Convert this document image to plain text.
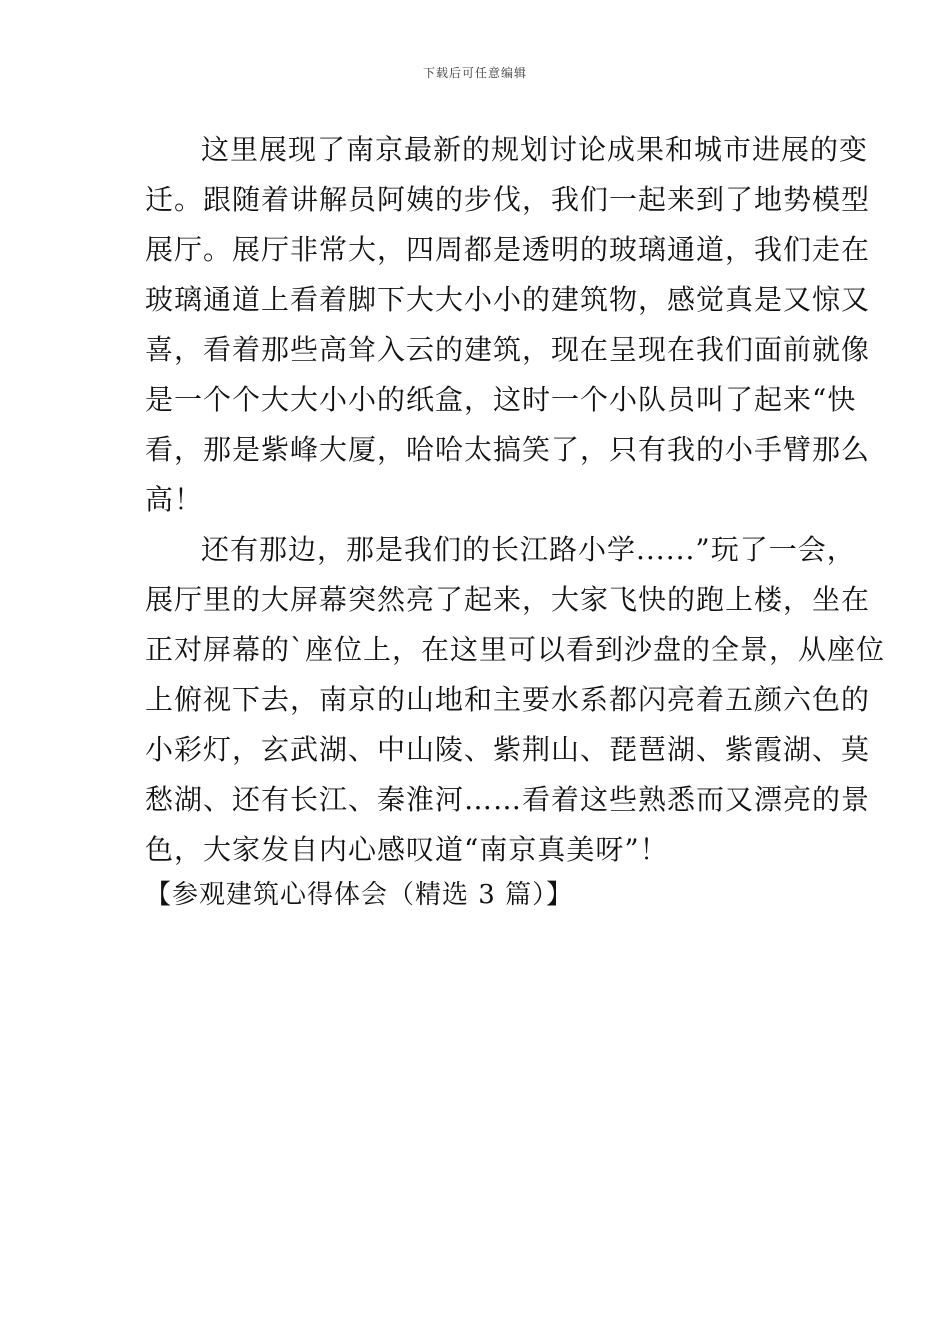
下载后可任意编辑
这里展现了南京最新的规划讨论成果和城市进展的变
迁。跟随着讲解员阿姨的步伐，我们一起来到了地势模型
展厅。展厅非常大，四周都是透明的玻璃通道，我们走在
玻璃通道上看着脚下大大小小的建筑物，感觉真是又惊又
喜，看着那些高耸入云的建筑，现在呈现在我们面前就像
是一个个大大小小的纸盒，这时一个小队员叫了起来“快
看，那是紫峰大厦，哈哈太搞笑了，只有我的小手臂那么
高！
还有那边，那是我们的长江路小学......”玩了一会，
展厅里的大屏幕突然亮了起来，大家飞快的跑上楼，坐在
正对屏幕的`座位上，在这里可以看到沙盘的全景，从座位
上俯视下去，南京的山地和主要水系都闪亮着五颜六色的
小彩灯，玄武湖、中山陵、紫荆山、琵琶湖、紫霞湖、莫
愁湖、还有长江、秦淮河……看着这些熟悉而又漂亮的景
色，大家发自内心感叹道“南京真美呀”！
【参观建筑心得体会（精选 3 篇）】
